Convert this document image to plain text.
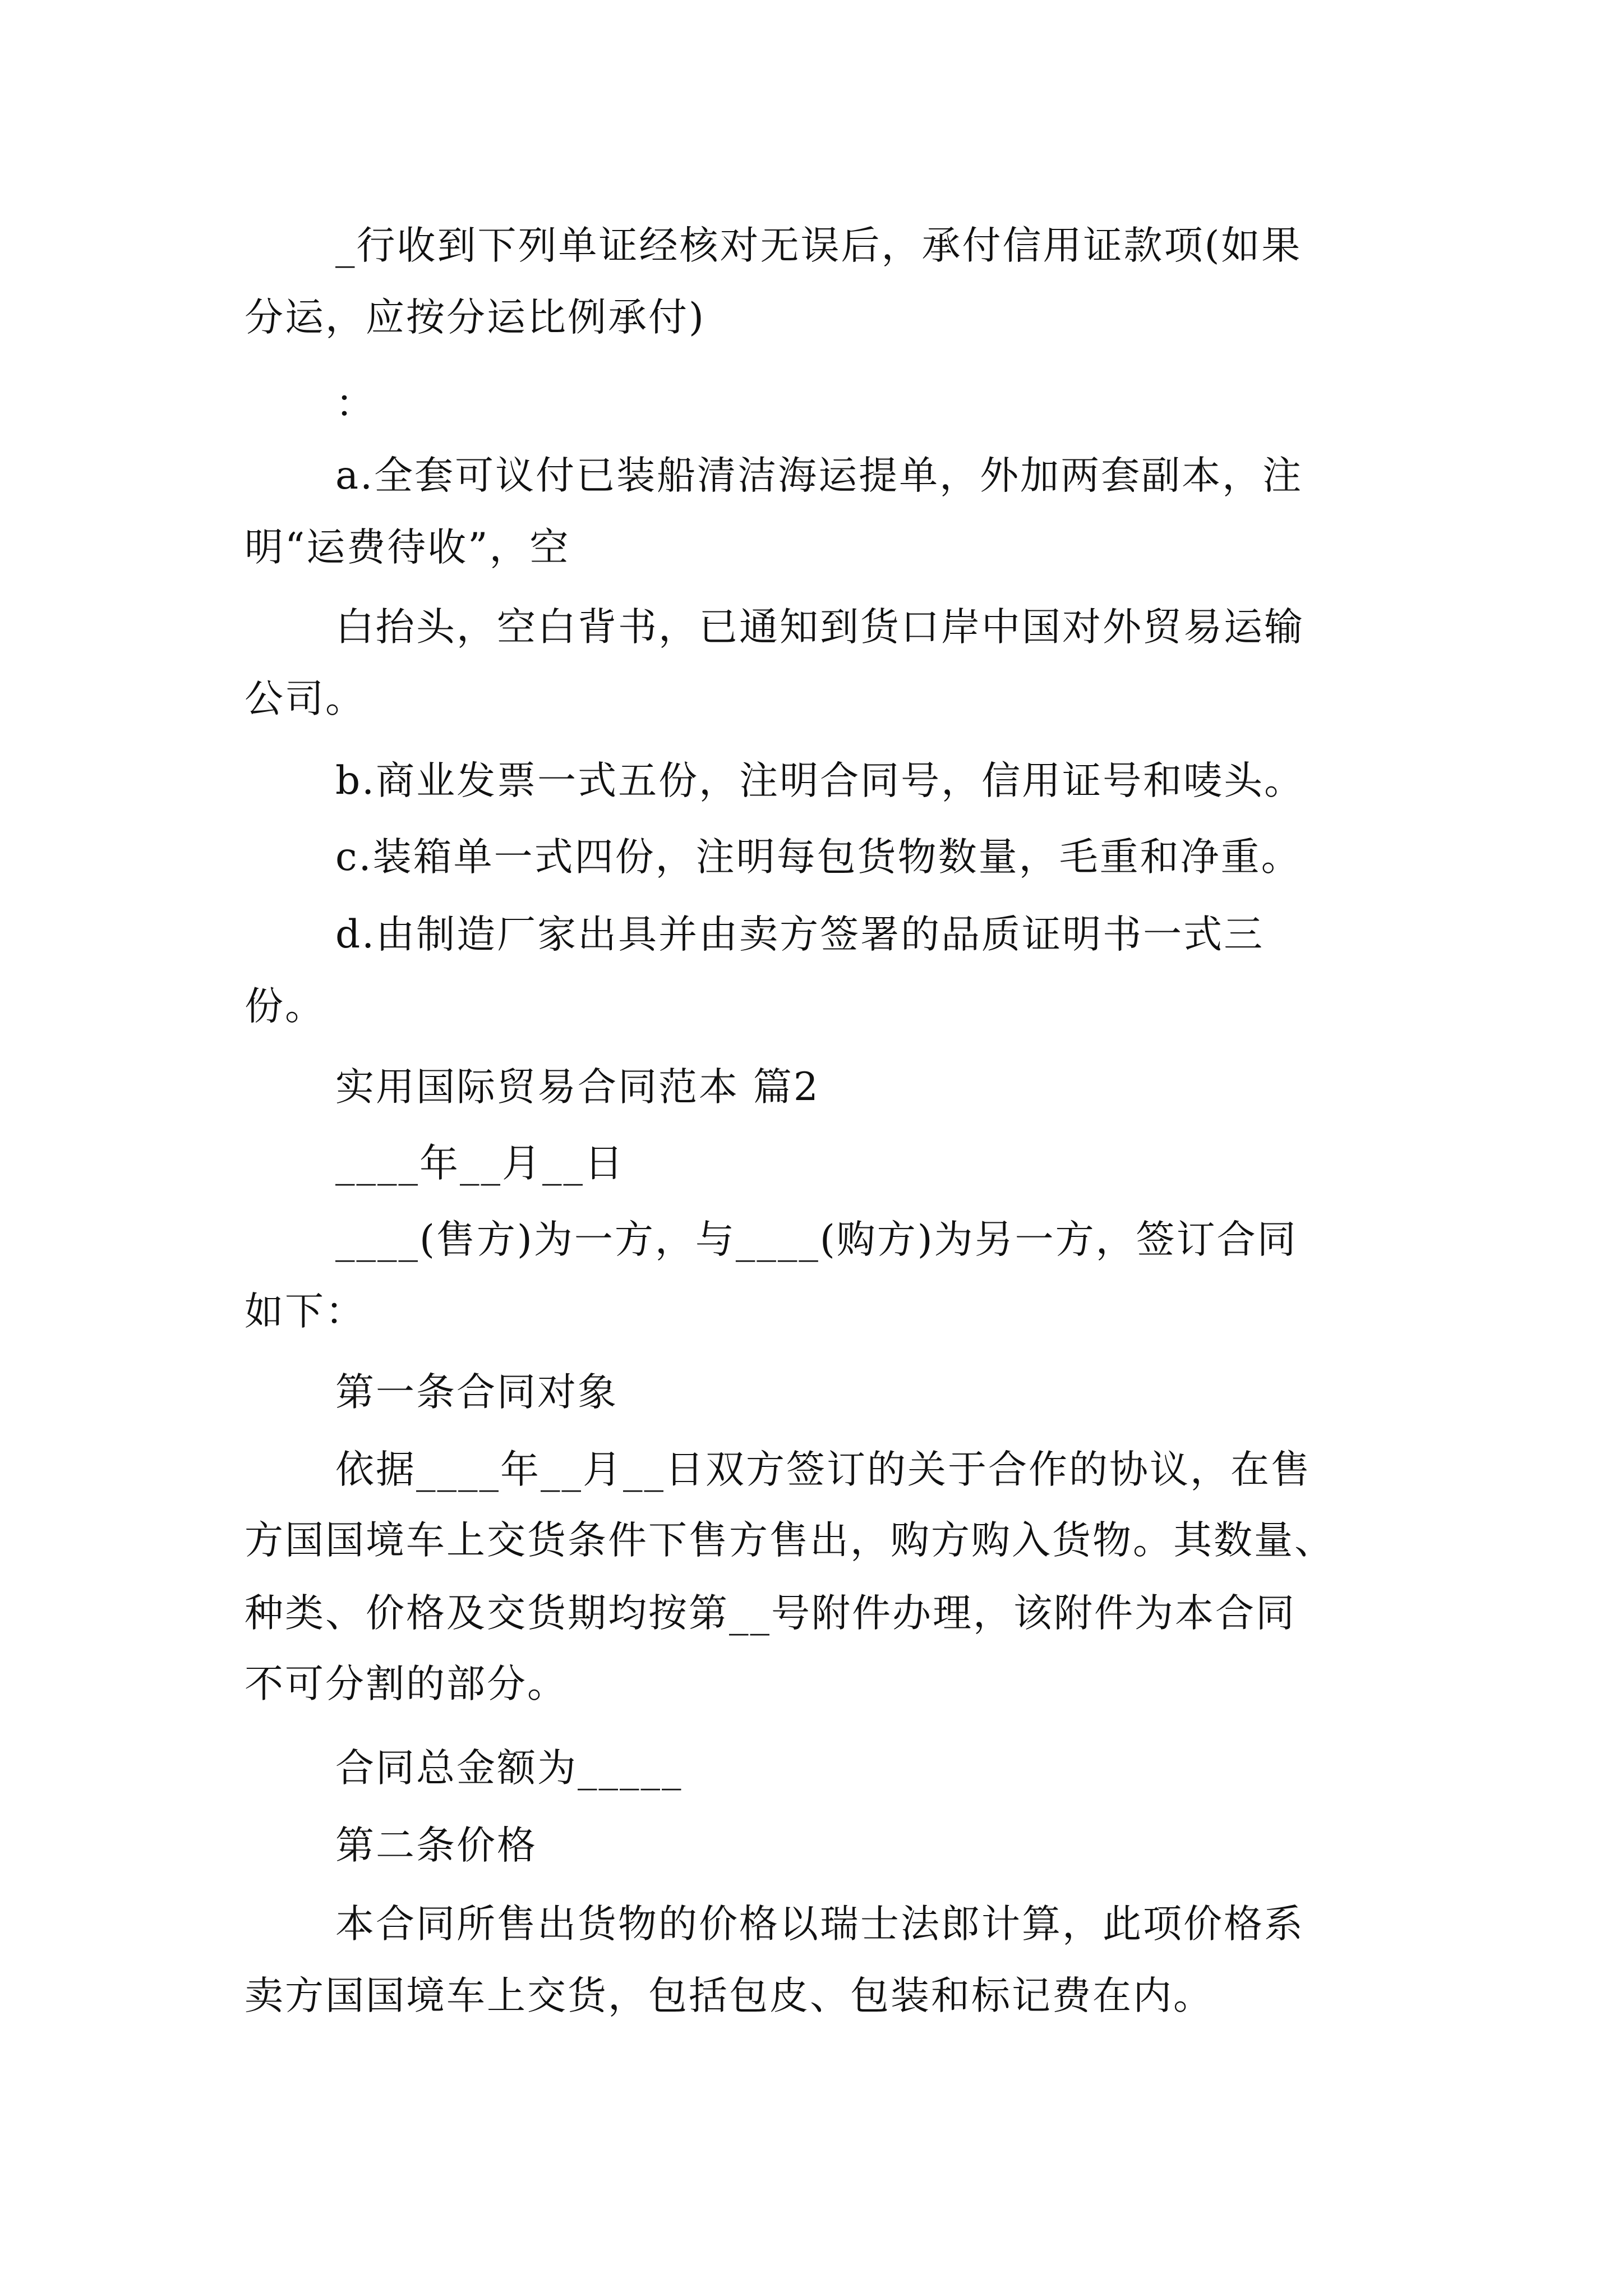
_行收到下列单证经核对无误后，承付信用证款项(如果

分运，应按分运比例承付)

：

a.全套可议付已装船清洁海运提单，外加两套副本，注

明“运费待收”，空

白抬头，空白背书，已通知到货口岸中国对外贸易运输

公司。

b.商业发票一式五份，注明合同号，信用证号和唛头。

c.装箱单一式四份，注明每包货物数量，毛重和净重。

d.由制造厂家出具并由卖方签署的品质证明书一式三

份。

实用国际贸易合同范本 篇2

____年__月__日

____(售方)为一方，与____(购方)为另一方，签订合同

如下：

第一条合同对象

依据____年__月__日双方签订的关于合作的协议，在售

方国国境车上交货条件下售方售出，购方购入货物。其数量、

种类、价格及交货期均按第__号附件办理，该附件为本合同

不可分割的部分。

合同总金额为_____

第二条价格

本合同所售出货物的价格以瑞士法郎计算，此项价格系

卖方国国境车上交货，包括包皮、包装和标记费在内。
